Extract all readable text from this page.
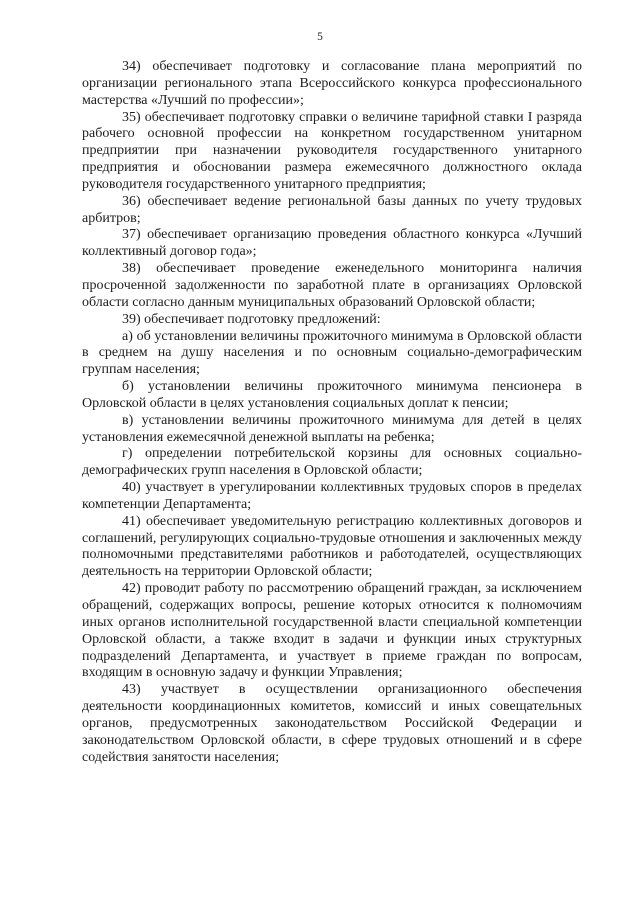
5

34) обеспечивает подготовку и согласование плана мероприятий по организации регионального этапа Всероссийского конкурса профессионального мастерства «Лучший по профессии»;

35) обеспечивает подготовку справки о величине тарифной ставки I разряда рабочего основной профессии на конкретном государственном унитарном предприятии при назначении руководителя государственного унитарного предприятия и обосновании размера ежемесячного должностного оклада руководителя государственного унитарного предприятия;

36) обеспечивает ведение региональной базы данных по учету трудовых арбитров;

37) обеспечивает организацию проведения областного конкурса «Лучший коллективный договор года»;

38) обеспечивает проведение еженедельного мониторинга наличия просроченной задолженности по заработной плате в организациях Орловской области согласно данным муниципальных образований Орловской области;

39) обеспечивает подготовку предложений:

а) об установлении величины прожиточного минимума в Орловской области в среднем на душу населения и по основным социально-демографическим группам населения;

б) установлении величины прожиточного минимума пенсионера в Орловской области в целях установления социальных доплат к пенсии;

в) установлении величины прожиточного минимума для детей в целях установления ежемесячной денежной выплаты на ребенка;

г) определении потребительской корзины для основных социально-демографических групп населения в Орловской области;

40) участвует в урегулировании коллективных трудовых споров в пределах компетенции Департамента;

41) обеспечивает уведомительную регистрацию коллективных договоров и соглашений, регулирующих социально-трудовые отношения и заключенных между полномочными представителями работников и работодателей, осуществляющих деятельность на территории Орловской области;

42) проводит работу по рассмотрению обращений граждан, за исключением обращений, содержащих вопросы, решение которых относится к полномочиям иных органов исполнительной государственной власти специальной компетенции Орловской области, а также входит в задачи и функции иных структурных подразделений Департамента, и участвует в приеме граждан по вопросам, входящим в основную задачу и функции Управления;

43) участвует в осуществлении организационного обеспечения деятельности координационных комитетов, комиссий и иных совещательных органов, предусмотренных законодательством Российской Федерации и законодательством Орловской области, в сфере трудовых отношений и в сфере содействия занятости населения;
